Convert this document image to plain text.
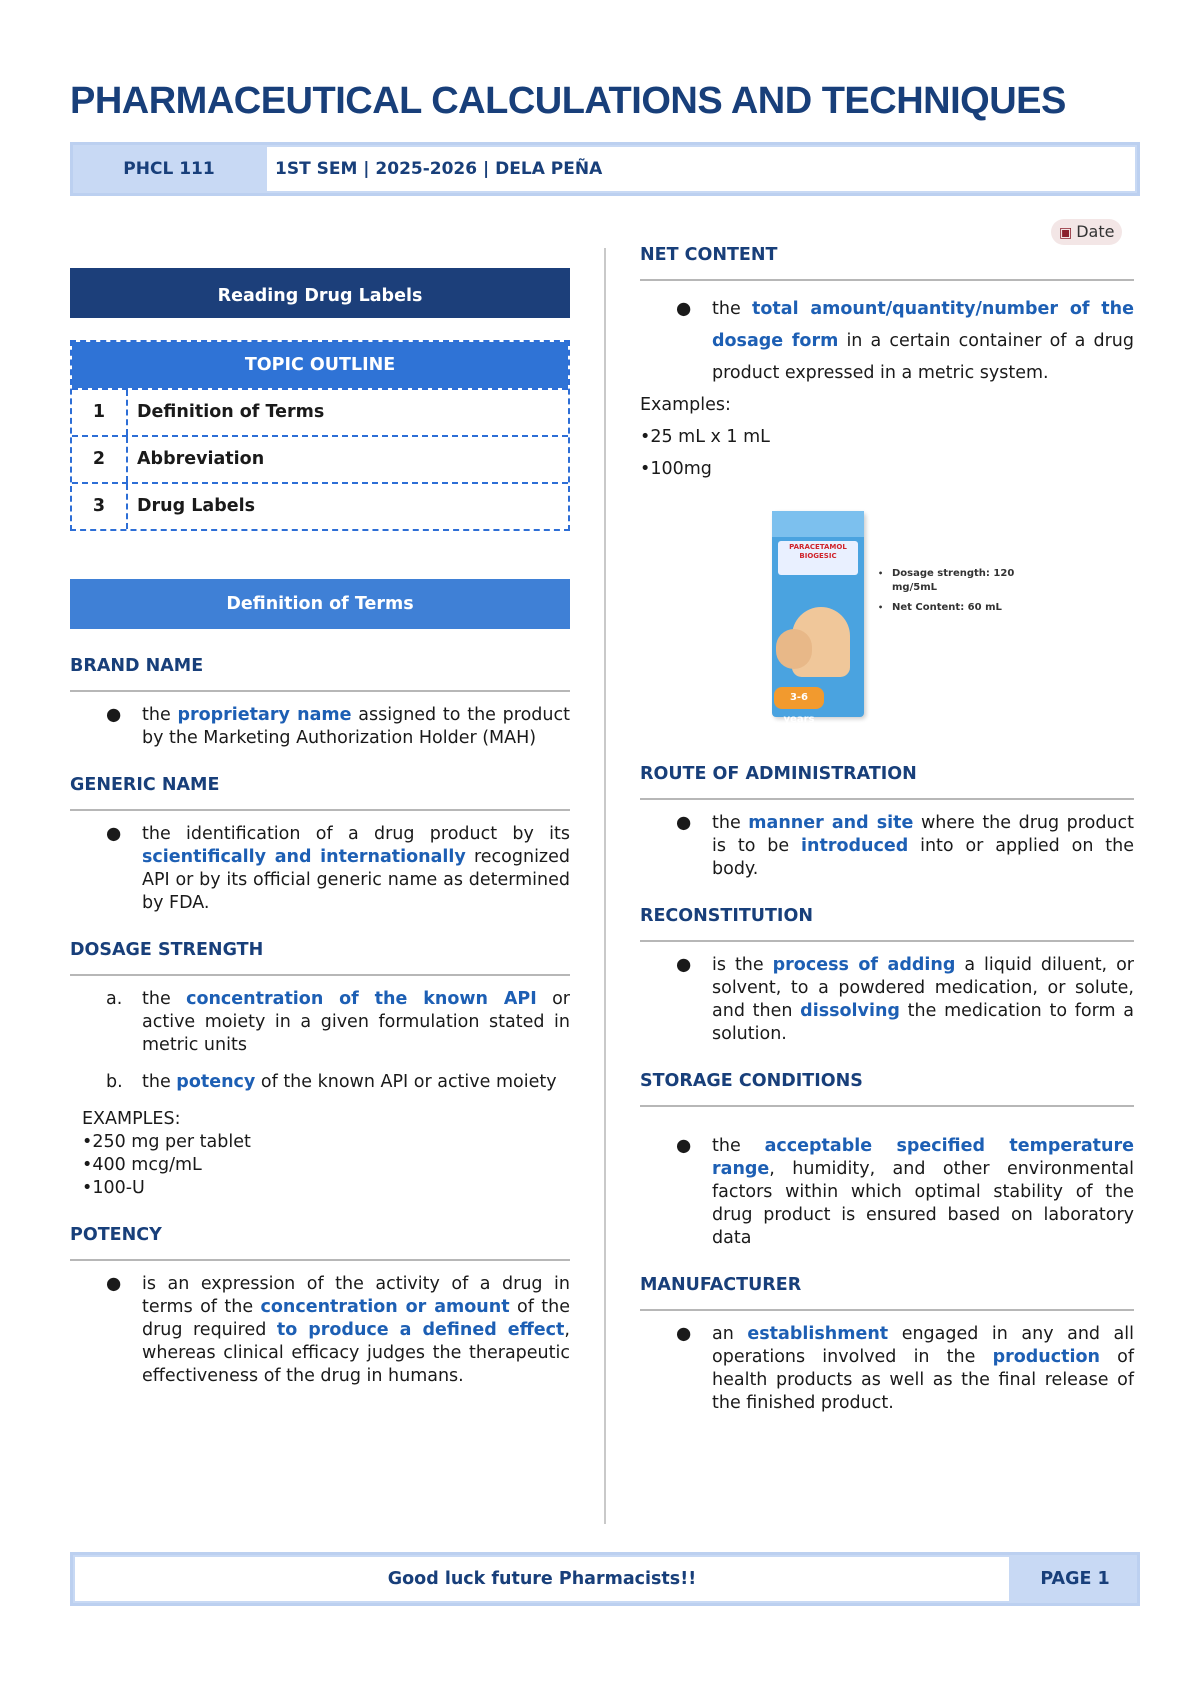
PHARMACEUTICAL CALCULATIONS AND TECHNIQUES
PHCL 111	1ST SEM | 2025-2026 | DELA PEÑA
▣ Date
Reading Drug Labels
TOPIC OUTLINE
1	Definition of Terms
2	Abbreviation
3	Drug Labels
Definition of Terms

BRAND NAME

●	the proprietary name assigned to the product by the Marketing Authorization Holder (MAH)

GENERIC NAME

●	the identification of a drug product by its scientifically and internationally recognized API or by its official generic name as determined by FDA.

DOSAGE STRENGTH

a.	the concentration of the known API or active moiety in a given formulation stated in metric units
b.	the potency of the known API or active moiety

EXAMPLES:

•250 mg per tablet

•400 mcg/mL

•100-U

POTENCY

●	is an expression of the activity of a drug in terms of the concentration or amount of the drug required to produce a defined effect, whereas clinical efficacy judges the therapeutic effectiveness of the drug in humans.

NET CONTENT

●	the total amount/quantity/number of the dosage form in a certain container of a drug product expressed in a metric system.

Examples:

•25 mL x 1 mL

•100mg

PARACETAMOL BIOGESIC
3-6 years
• Dosage strength: 120 mg/5mL
• Net Content: 60 mL

ROUTE OF ADMINISTRATION

●	the manner and site where the drug product is to be introduced into or applied on the body.

RECONSTITUTION

●	is the process of adding a liquid diluent, or solvent, to a powdered medication, or solute, and then dissolving the medication to form a solution.

STORAGE CONDITIONS

●	the acceptable specified temperature range, humidity, and other environmental factors within which optimal stability of the drug product is ensured based on laboratory data

MANUFACTURER

●	an establishment engaged in any and all operations involved in the production of health products as well as the final release of the finished product.
Good luck future Pharmacists!!	PAGE 1
